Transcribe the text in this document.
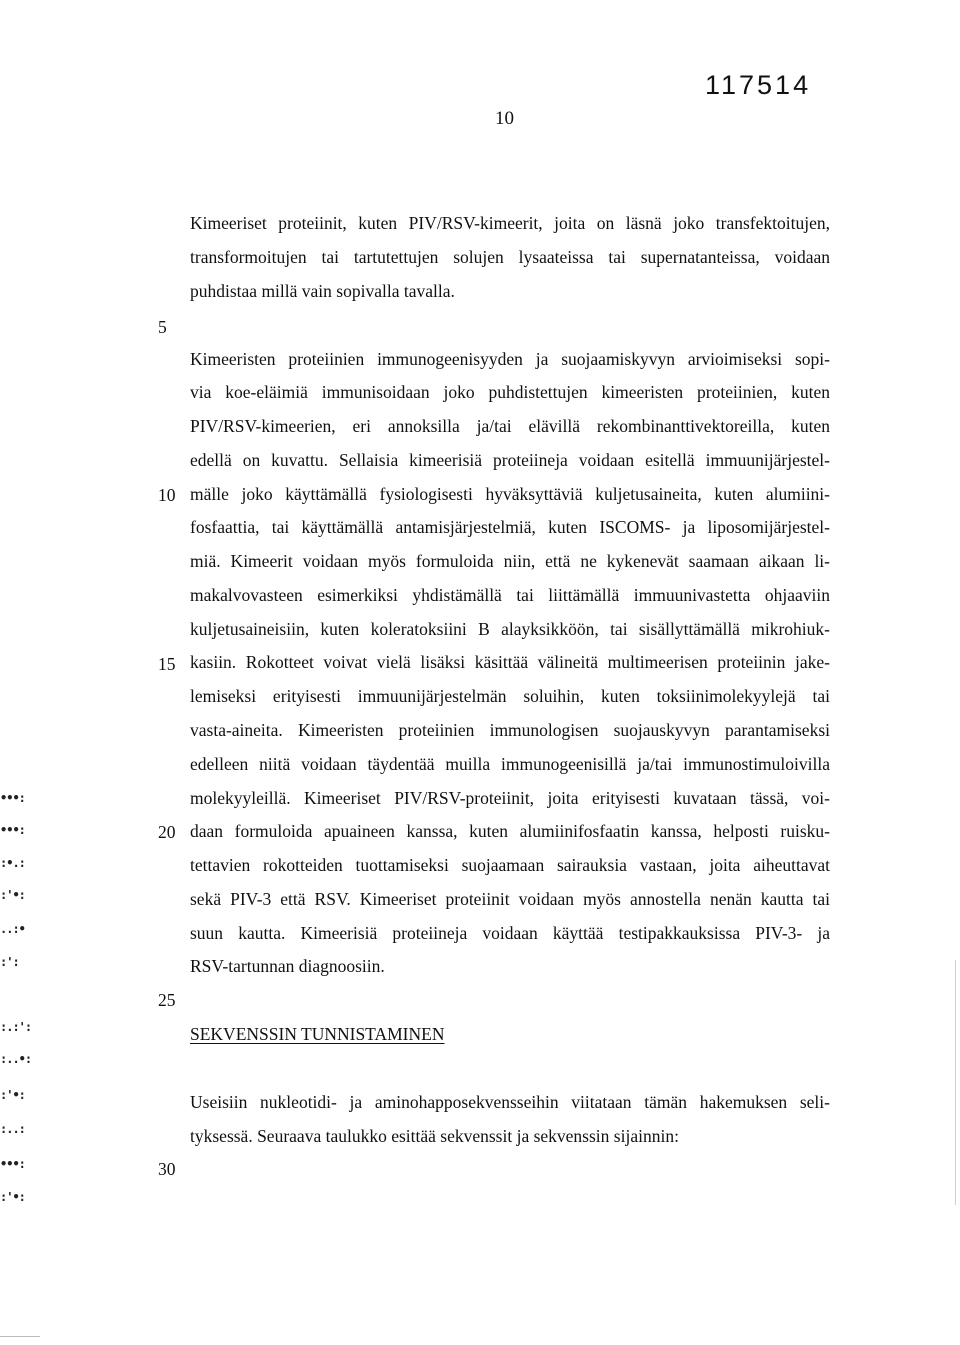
117514
10
5
10
15
20
25
30
Kimeeriset proteiinit, kuten PIV/RSV-kimeerit, joita on läsnä joko transfektoitujen,
transformoitujen tai tartutettujen solujen lysaateissa tai supernatanteissa, voidaan
puhdistaa millä vain sopivalla tavalla.
Kimeeristen proteiinien immunogeenisyyden ja suojaamiskyvyn arvioimiseksi sopi-
via koe-eläimiä immunisoidaan joko puhdistettujen kimeeristen proteiinien, kuten
PIV/RSV-kimeerien, eri annoksilla ja/tai elävillä rekombinanttivektoreilla, kuten
edellä on kuvattu. Sellaisia kimeerisiä proteiineja voidaan esitellä immuunijärjestel-
mälle joko käyttämällä fysiologisesti hyväksyttäviä kuljetusaineita, kuten alumiini-
fosfaattia, tai käyttämällä antamisjärjestelmiä, kuten ISCOMS- ja liposomijärjestel-
miä. Kimeerit voidaan myös formuloida niin, että ne kykenevät saamaan aikaan li-
makalvovasteen esimerkiksi yhdistämällä tai liittämällä immuunivastetta ohjaaviin
kuljetusaineisiin, kuten koleratoksiini B alayksikköön, tai sisällyttämällä mikrohiuk-
kasiin. Rokotteet voivat vielä lisäksi käsittää välineitä multimeerisen proteiinin jake-
lemiseksi erityisesti immuunijärjestelmän soluihin, kuten toksiinimolekyylejä tai
vasta-aineita. Kimeeristen proteiinien immunologisen suojauskyvyn parantamiseksi
edelleen niitä voidaan täydentää muilla immunogeenisillä ja/tai immunostimuloivilla
molekyyleillä. Kimeeriset PIV/RSV-proteiinit, joita erityisesti kuvataan tässä, voi-
daan formuloida apuaineen kanssa, kuten alumiinifosfaatin kanssa, helposti ruisku-
tettavien rokotteiden tuottamiseksi suojaamaan sairauksia vastaan, joita aiheuttavat
sekä PIV-3 että RSV. Kimeeriset proteiinit voidaan myös annostella nenän kautta tai
suun kautta. Kimeerisiä proteiineja voidaan käyttää testipakkauksissa PIV-3- ja
RSV-tartunnan diagnoosiin.
SEKVENSSIN TUNNISTAMINEN
Useisiin nukleotidi- ja aminohapposekvensseihin viitataan tämän hakemuksen seli-
tyksessä. Seuraava taulukko esittää sekvenssit ja sekvenssin sijainnin:
•••:
•••:
:•.:
:'•:
..:•
:':
:.:':
:..•:
:'•:
:..:
•••:
:'•:
